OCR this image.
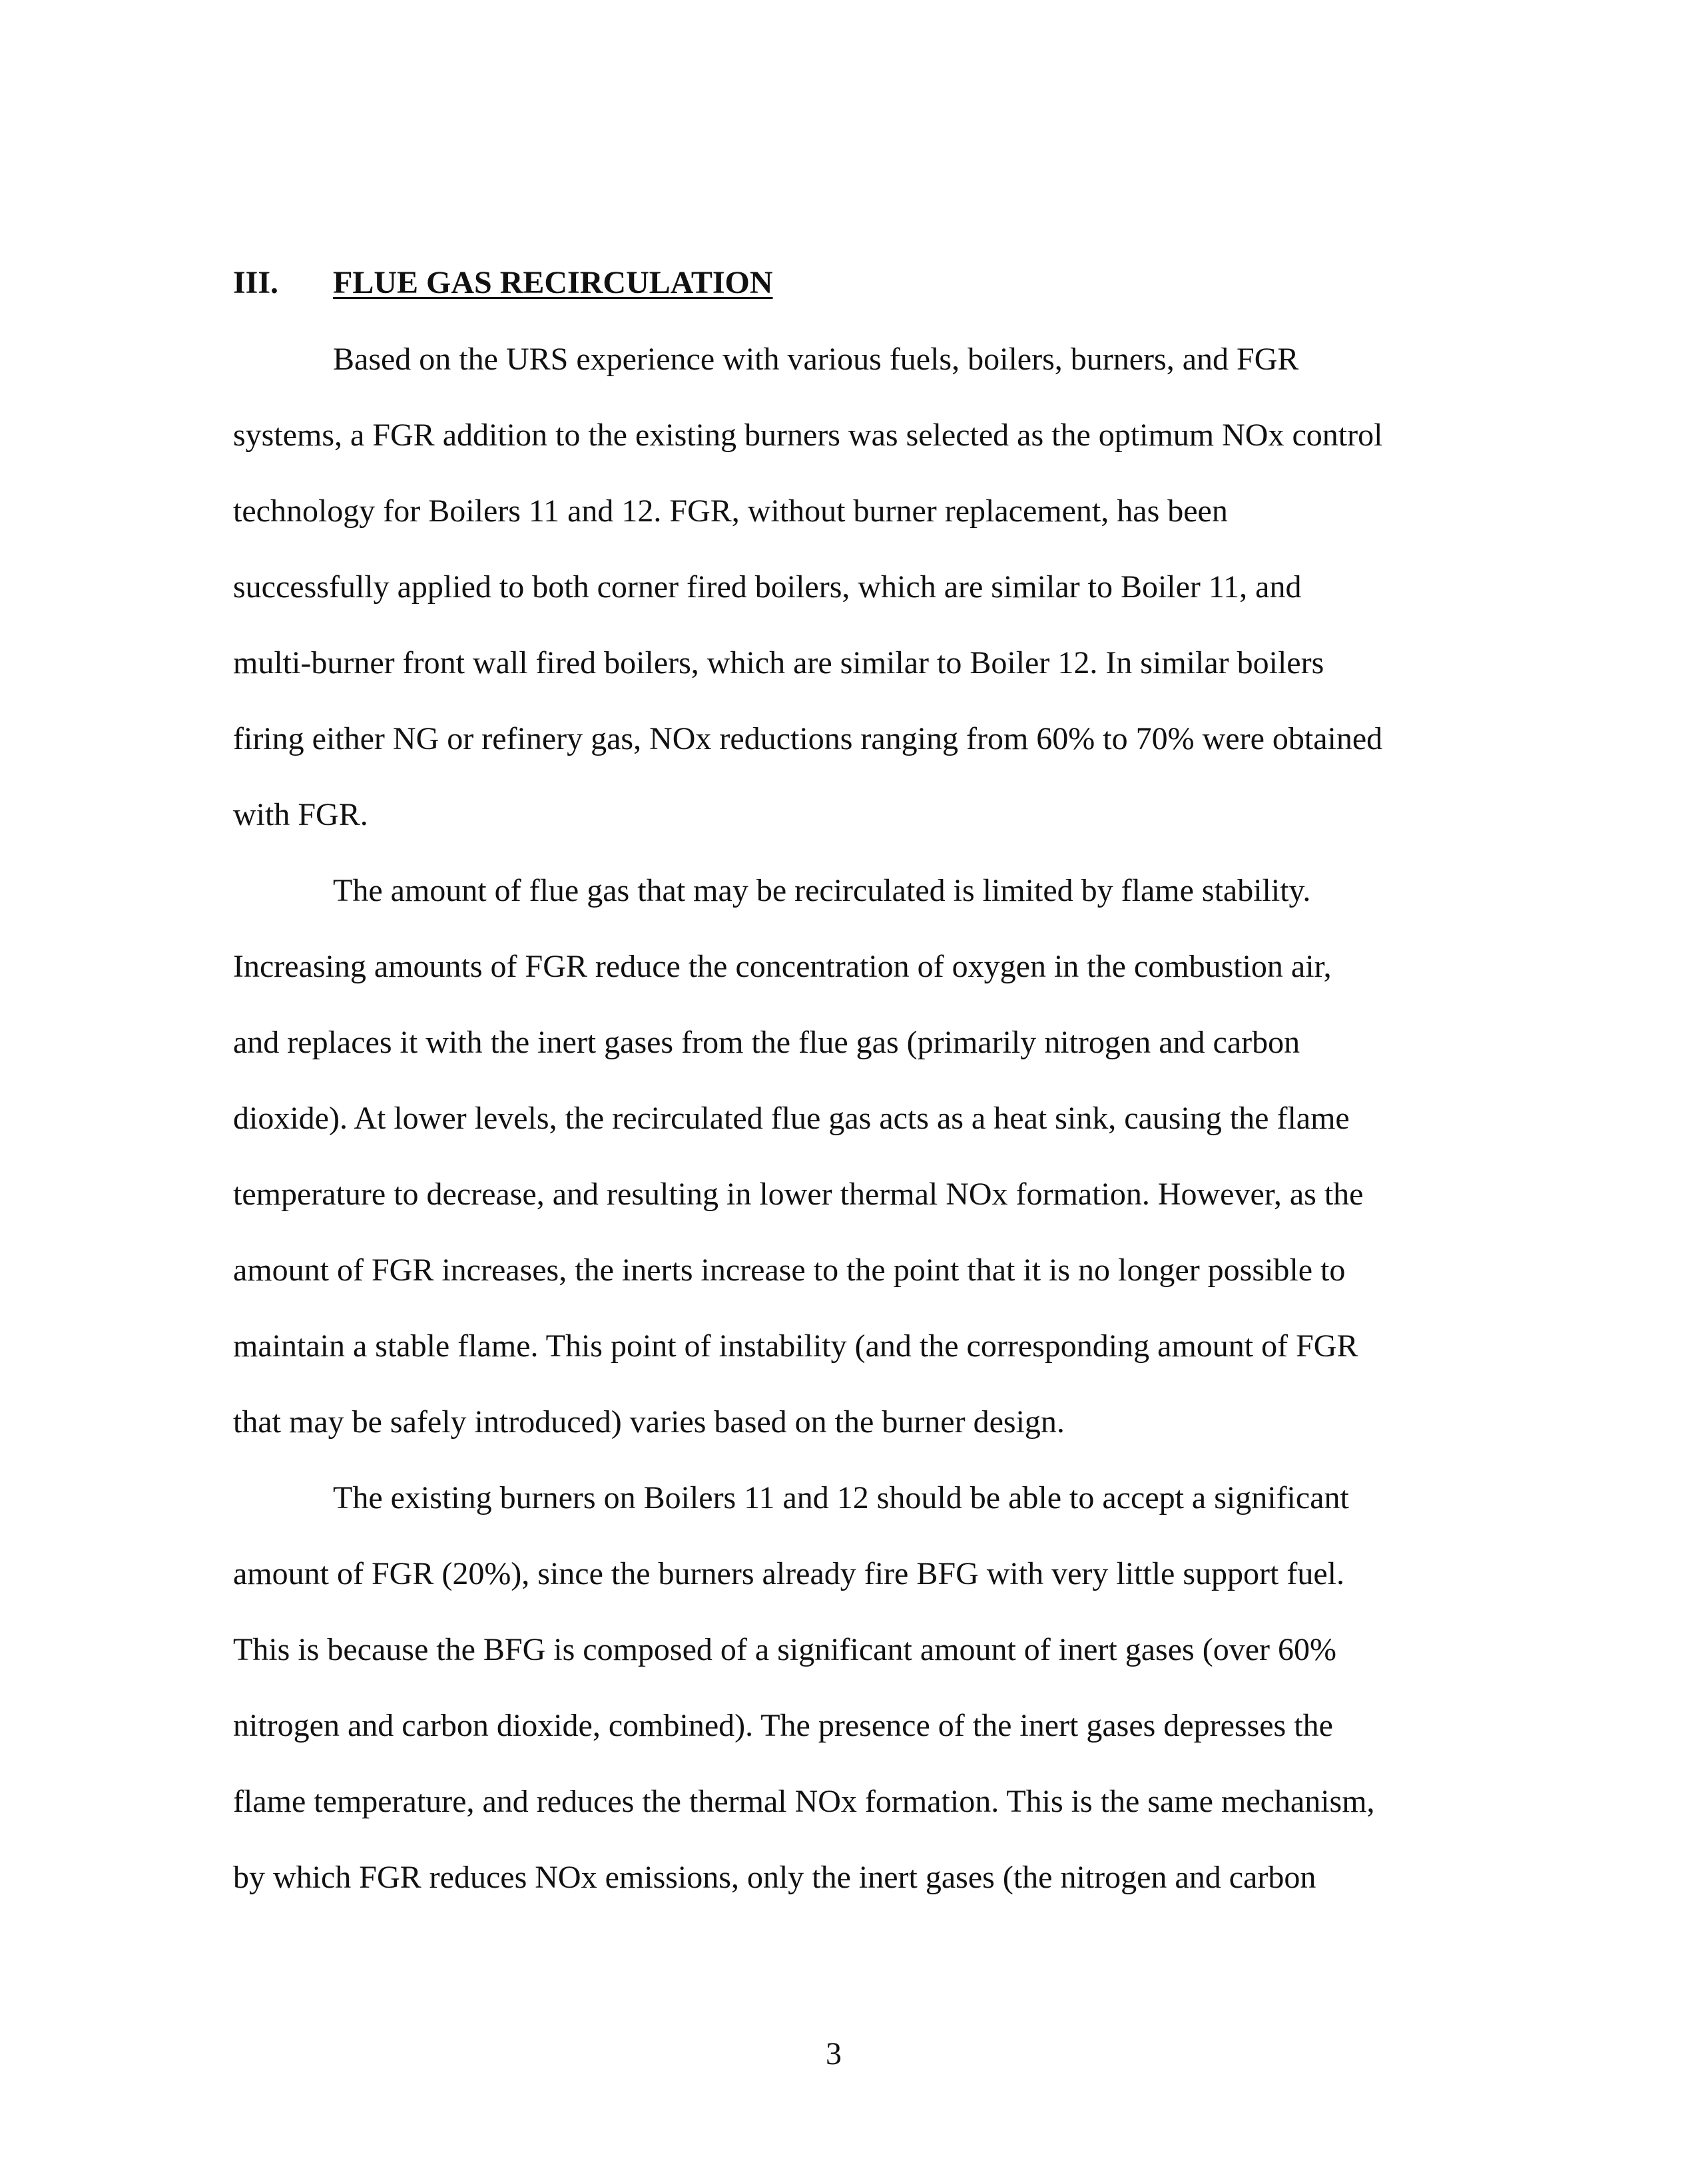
III. FLUE GAS RECIRCULATION
Based on the URS experience with various fuels, boilers, burners, and FGR
systems, a FGR addition to the existing burners was selected as the optimum NOx control
technology for Boilers 11 and 12. FGR, without burner replacement, has been
successfully applied to both corner fired boilers, which are similar to Boiler 11, and
multi-burner front wall fired boilers, which are similar to Boiler 12. In similar boilers
firing either NG or refinery gas, NOx reductions ranging from 60% to 70% were obtained
with FGR.
The amount of flue gas that may be recirculated is limited by flame stability.
Increasing amounts of FGR reduce the concentration of oxygen in the combustion air,
and replaces it with the inert gases from the flue gas (primarily nitrogen and carbon
dioxide). At lower levels, the recirculated flue gas acts as a heat sink, causing the flame
temperature to decrease, and resulting in lower thermal NOx formation. However, as the
amount of FGR increases, the inerts increase to the point that it is no longer possible to
maintain a stable flame. This point of instability (and the corresponding amount of FGR
that may be safely introduced) varies based on the burner design.
The existing burners on Boilers 11 and 12 should be able to accept a significant
amount of FGR (20%), since the burners already fire BFG with very little support fuel.
This is because the BFG is composed of a significant amount of inert gases (over 60%
nitrogen and carbon dioxide, combined). The presence of the inert gases depresses the
flame temperature, and reduces the thermal NOx formation. This is the same mechanism,
by which FGR reduces NOx emissions, only the inert gases (the nitrogen and carbon
3
